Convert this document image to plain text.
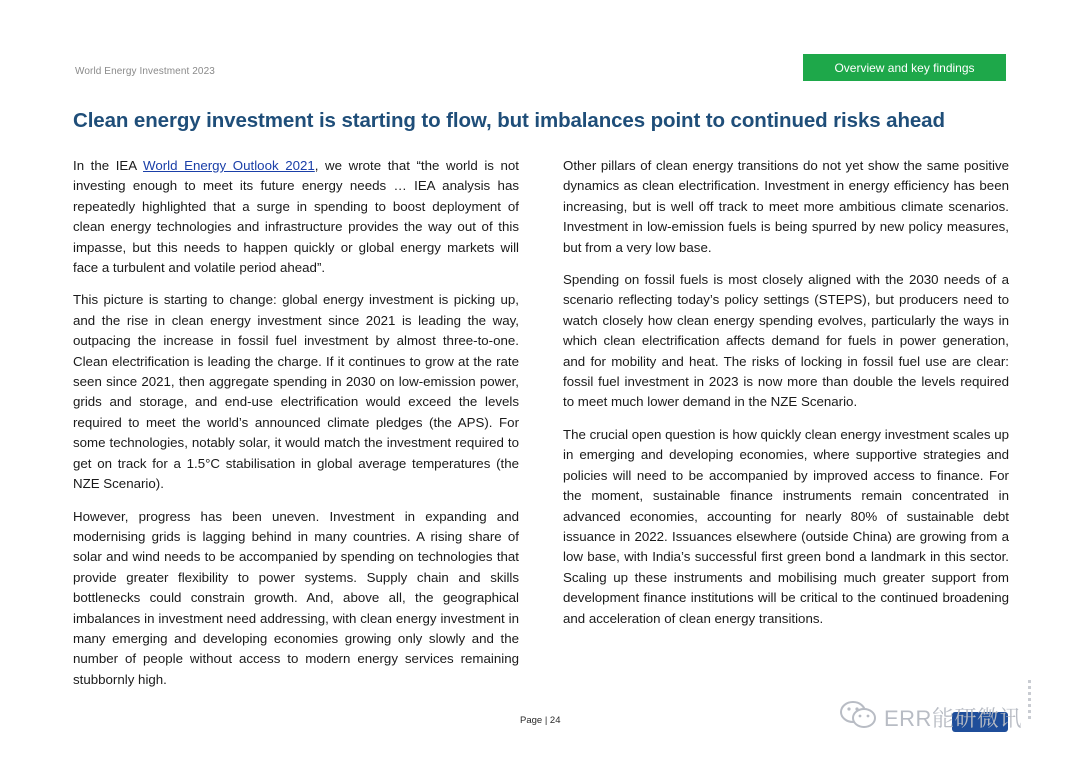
World Energy Investment 2023	Overview and key findings
Clean energy investment is starting to flow, but imbalances point to continued risks ahead

In the IEA World Energy Outlook 2021, we wrote that “the world is not investing enough to meet its future energy needs … IEA analysis has repeatedly highlighted that a surge in spending to boost deployment of clean energy technologies and infrastructure provides the way out of this impasse, but this needs to happen quickly or global energy markets will face a turbulent and volatile period ahead”.

This picture is starting to change: global energy investment is picking up, and the rise in clean energy investment since 2021 is leading the way, outpacing the increase in fossil fuel investment by almost three-to-one. Clean electrification is leading the charge. If it continues to grow at the rate seen since 2021, then aggregate spending in 2030 on low-emission power, grids and storage, and end-use electrification would exceed the levels required to meet the world’s announced climate pledges (the APS). For some technologies, notably solar, it would match the investment required to get on track for a 1.5°C stabilisation in global average temperatures (the NZE Scenario).

However, progress has been uneven. Investment in expanding and modernising grids is lagging behind in many countries. A rising share of solar and wind needs to be accompanied by spending on technologies that provide greater flexibility to power systems. Supply chain and skills bottlenecks could constrain growth. And, above all, the geographical imbalances in investment need addressing, with clean energy investment in many emerging and developing economies growing only slowly and the number of people without access to modern energy services remaining stubbornly high.

Other pillars of clean energy transitions do not yet show the same positive dynamics as clean electrification. Investment in energy efficiency has been increasing, but is well off track to meet more ambitious climate scenarios. Investment in low-emission fuels is being spurred by new policy measures, but from a very low base.

Spending on fossil fuels is most closely aligned with the 2030 needs of a scenario reflecting today’s policy settings (STEPS), but producers need to watch closely how clean energy spending evolves, particularly the ways in which clean electrification affects demand for fuels in power generation, and for mobility and heat. The risks of locking in fossil fuel use are clear: fossil fuel investment in 2023 is now more than double the levels required to meet much lower demand in the NZE Scenario.

The crucial open question is how quickly clean energy investment scales up in emerging and developing economies, where supportive strategies and policies will need to be accompanied by improved access to finance. For the moment, sustainable finance instruments remain concentrated in advanced economies, accounting for nearly 80% of sustainable debt issuance in 2022. Issuances elsewhere (outside China) are growing from a low base, with India’s successful first green bond a landmark in this sector. Scaling up these instruments and mobilising much greater support from development finance institutions will be critical to the continued broadening and acceleration of clean energy transitions.

Page | 24	ERR能研微讯
